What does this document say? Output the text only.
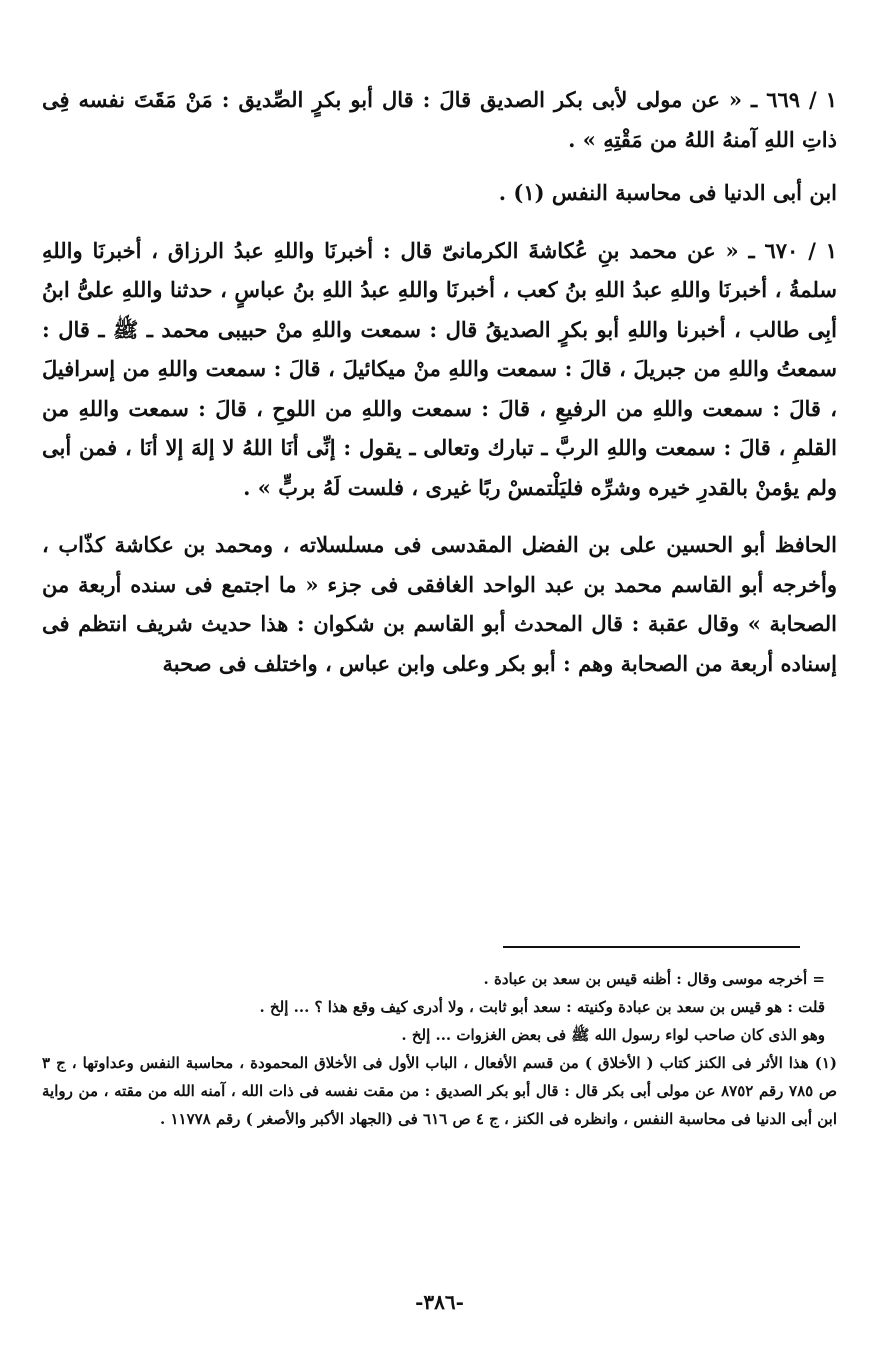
١ / ٦٦٩ ـ « عن مولى لأبى بكر الصديق قالَ : قال أبو بكرٍ الصِّديق : مَنْ مَقَتَ نفسه فِى ذاتِ اللهِ آمنهُ اللهُ من مَقْتِهِ » .

ابن أبى الدنيا فى محاسبة النفس (١) .

١ / ٦٧٠ ـ « عن محمد بنِ عُكاشةَ الكرمانىّ قال : أخبرنَا واللهِ عبدُ الرزاق ، أخبرنَا واللهِ سلمةُ ، أخبرنَا واللهِ عبدُ اللهِ بنُ كعب ، أخبرنَا واللهِ عبدُ اللهِ بنُ عباسٍ ، حدثنا واللهِ علىُّ ابنُ أبِى طالب ، أخبرنا واللهِ أبو بكرٍ الصديقُ قال : سمعت واللهِ منْ حبيبى محمد ـ ﷺ ـ قال : سمعتُ واللهِ من جبريلَ ، قالَ : سمعت واللهِ منْ ميكائيلَ ، قالَ : سمعت واللهِ من إسرافيلَ ، قالَ : سمعت واللهِ من الرفيعِ ، قالَ : سمعت واللهِ من اللوحِ ، قالَ : سمعت واللهِ من القلمِ ، قالَ : سمعت واللهِ الربَّ ـ تبارك وتعالى ـ يقول : إنِّى أنَا اللهُ لا إلهَ إلا أنَا ، فمن أبى ولم يؤمنْ بالقدرِ خيره وشرِّه فليَلْتمسْ ربًا غيرى ، فلست لَهُ بربٍّ » .

الحافظ أبو الحسين على بن الفضل المقدسى فى مسلسلاته ، ومحمد بن عكاشة كذّاب ، وأخرجه أبو القاسم محمد بن عبد الواحد الغافقى فى جزء « ما اجتمع فى سنده أربعة من الصحابة » وقال عقبة : قال المحدث أبو القاسم بن شكوان : هذا حديث شريف انتظم فى إسناده أربعة من الصحابة وهم : أبو بكر وعلى وابن عباس ، واختلف فى صحبة

= أخرجه موسى وقال : أظنه قيس بن سعد بن عبادة .

قلت : هو قيس بن سعد بن عبادة وكنيته : سعد أبو ثابت ، ولا أدرى كيف وقع هذا ؟ ... إلخ .

وهو الذى كان صاحب لواء رسول الله ﷺ فى بعض الغزوات ... إلخ .

(١) هذا الأثر فى الكنز كتاب ( الأخلاق ) من قسم الأفعال ، الباب الأول فى الأخلاق المحمودة ، محاسبة النفس وعداوتها ، ج ٣ ص ٧٨٥ رقم ٨٧٥٢ عن مولى أبى بكر قال : قال أبو بكر الصديق : من مقت نفسه فى ذات الله ، آمنه الله من مقته ، من رواية ابن أبى الدنيا فى محاسبة النفس ، وانظره فى الكنز ، ج ٤ ص ٦١٦ فى (الجهاد الأكبر والأصغر ) رقم ١١٧٧٨ .

-٣٨٦-
